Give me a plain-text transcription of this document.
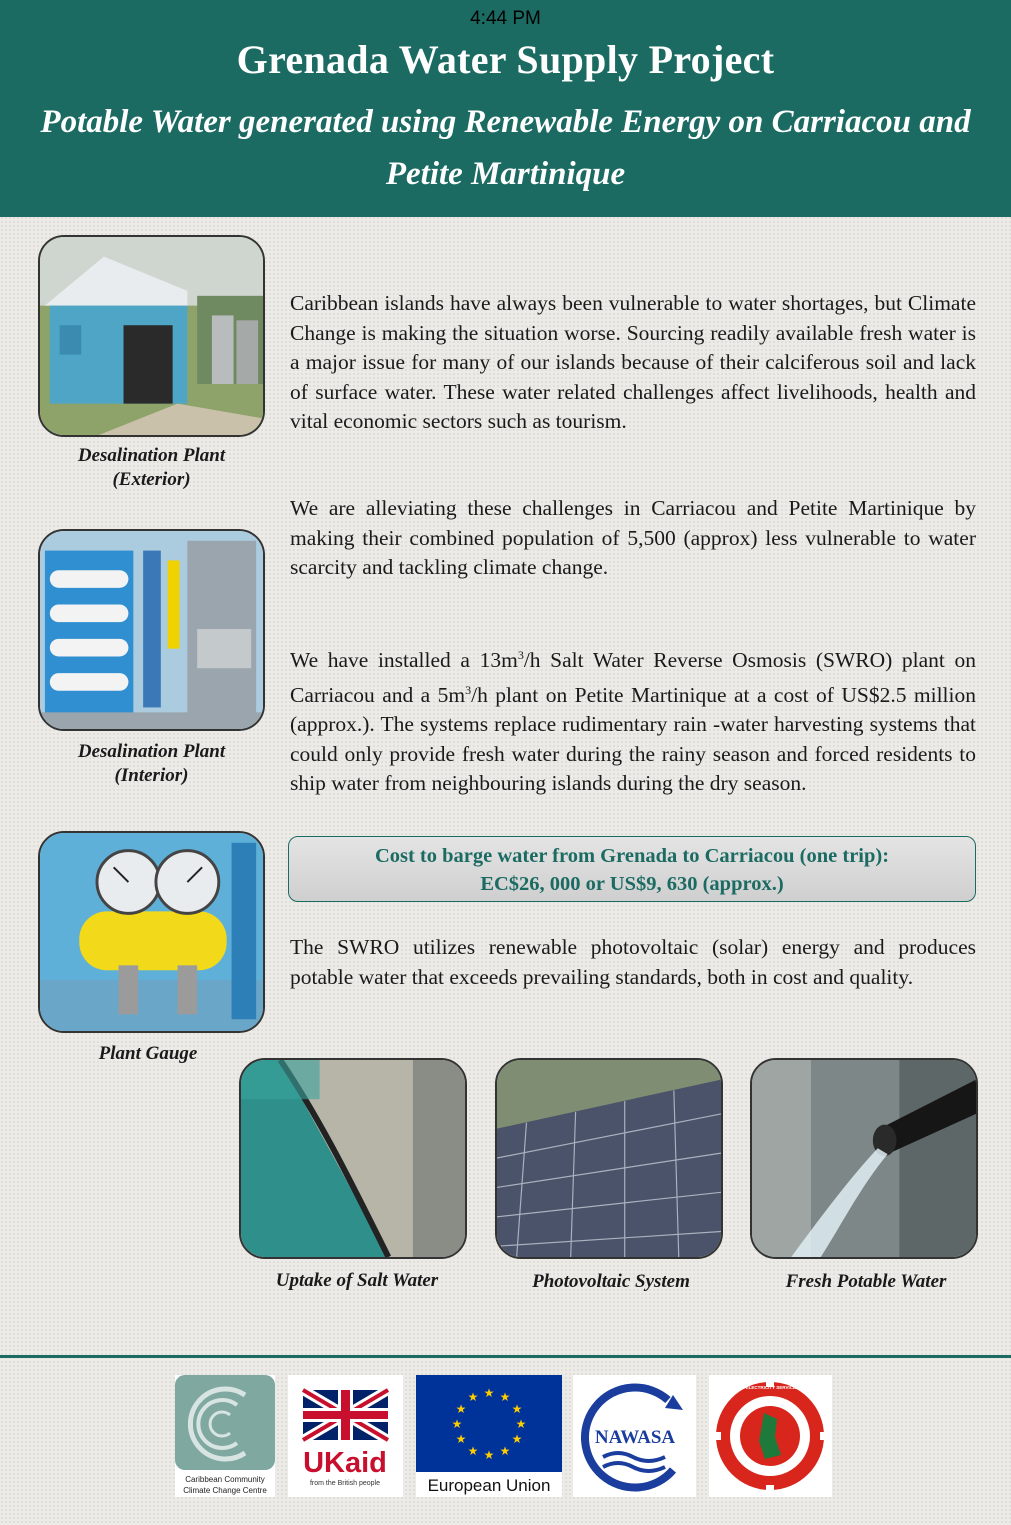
4:44 PM
Grenada Water Supply Project
Potable Water generated using Renewable Energy on Carriacou and Petite Martinique
Desalination Plant
(Exterior)
Desalination Plant
(Interior)
Plant Gauge

Caribbean islands have always been vulnerable to water shortages, but Climate Change is making the situation worse. Sourcing readily available fresh water is a major issue for many of our islands because of their calciferous soil and lack of surface water. These water related challenges affect livelihoods, health and vital economic sectors such as tourism.

We are alleviating these challenges in Carriacou and Petite Martinique by making their combined population of 5,500 (approx) less vulnerable to water scarcity and tackling climate change.

We have installed a $13m^3/h$ Salt Water Reverse Osmosis (SWRO) plant on Carriacou and a $5m^3/h$ plant on Petite Martinique at a cost of US$2.5 million (approx.). The systems replace rudimentary rain -water harvesting systems that could only provide fresh water during the rainy season and forced residents to ship water from neighbouring islands during the dry season.

Cost to barge water from Grenada to Carriacou (one trip):
EC$26, 000 or US$9, 630 (approx.)

The SWRO utilizes renewable photovoltaic (solar) energy and produces potable water that exceeds prevailing standards, both in cost and quality.

Uptake of Salt Water	Photovoltaic System	Fresh Potable Water
Caribbean Community
Climate Change Centre
UKaid
from the British people
★ ★
★
★
★
★
★
★
★
★
★
★
European Union
NAWASA
GRENADA ELECTRICITY SERVICES LIMITED
